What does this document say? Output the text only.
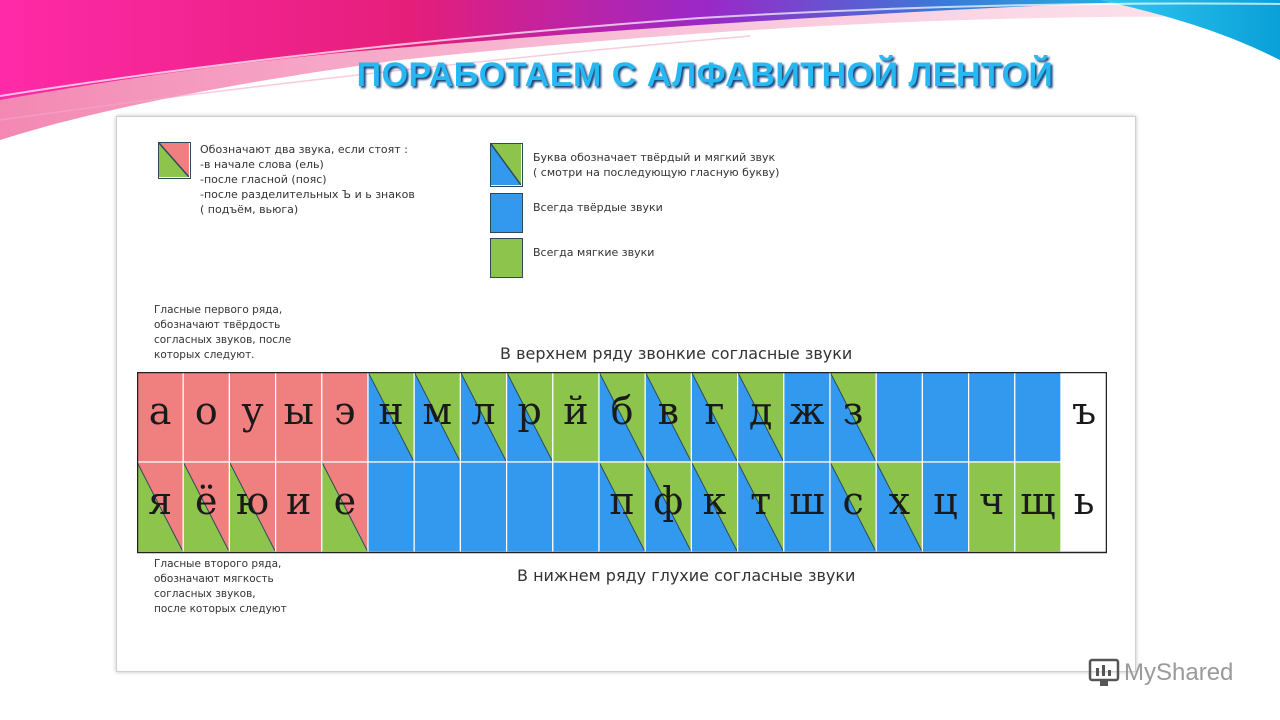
ПОРАБОТАЕМ С АЛФАВИТНОЙ ЛЕНТОЙ
Обозначают два звука, если стоят :
-в начале слова (ель)
-после гласной (пояс)
-после разделительных Ъ и ь знаков
( подъём, вьюга)
Буква обозначает твёрдый и мягкий звук
( смотри на последующую гласную букву)
Всегда твёрдые звуки
Всегда мягкие звуки
Гласные первого ряда,
обозначают твёрдость
согласных звуков, после
которых следуют.	В верхнем ряду звонкие согласные звуки
а о у ы э н м л р й б в г д ж з	ъ
я ё ю и е	п ф к т ш с х ц ч щ ь
Гласные второго ряда,
обозначают мягкость
согласных звуков,
после которых следуют
В нижнем ряду глухие согласные звуки
MyShared
